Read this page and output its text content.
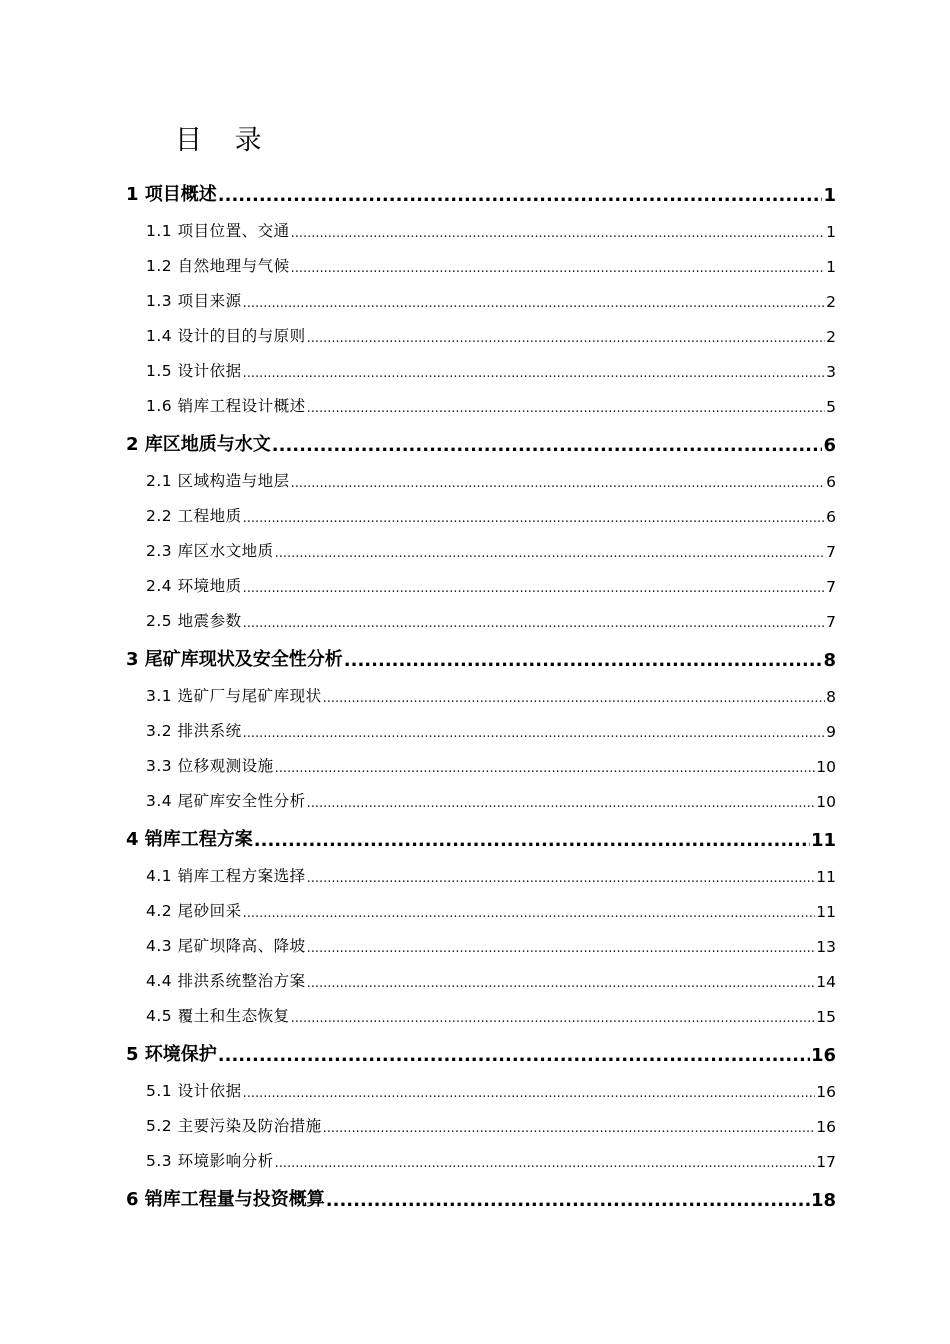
目 录
1 项目概述 .....	1
1.1 项目位置、交通 .....	1
1.2 自然地理与气候 .....	1
1.3 项目来源 .....	2
1.4 设计的目的与原则 .....	2
1.5 设计依据 .....	3
1.6 销库工程设计概述 .....	5
2 库区地质与水文 .....	6
2.1 区域构造与地层 .....	6
2.2 工程地质 .....	6
2.3 库区水文地质 .....	7
2.4 环境地质 .....	7
2.5 地震参数 .....	7
3 尾矿库现状及安全性分析 .....	8
3.1 选矿厂与尾矿库现状 .....	8
3.2 排洪系统 .....	9
3.3 位移观测设施 .....	10
3.4 尾矿库安全性分析 .....	10
4 销库工程方案 .....	11
4.1 销库工程方案选择 .....	11
4.2 尾砂回采 .....	11
4.3 尾矿坝降高、降坡 .....	13
4.4 排洪系统整治方案 .....	14
4.5 覆土和生态恢复 .....	15
5 环境保护 .....	16
5.1 设计依据 .....	16
5.2 主要污染及防治措施 .....	16
5.3 环境影响分析 .....	17
6 销库工程量与投资概算 .....	18
